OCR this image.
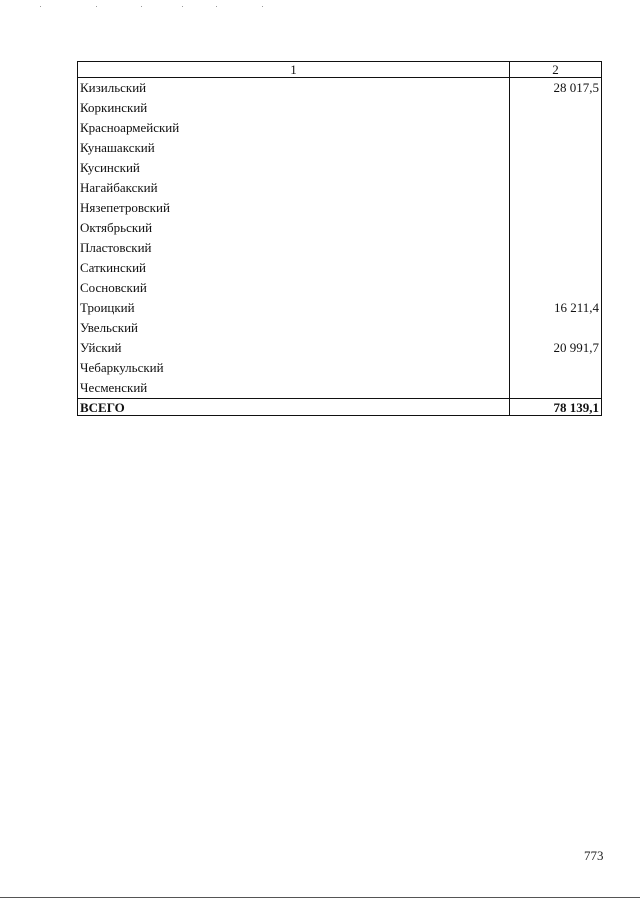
1	2
Кизильский	28 017,5
Коркинский	
Красноармейский	
Кунашакский	
Кусинский	
Нагайбакский	
Нязепетровский	
Октябрьский	
Пластовский	
Саткинский	
Сосновский	
Троицкий	16 211,4
Увельский	
Уйский	20 991,7
Чебаркульский	
Чесменский	
ВСЕГО	78 139,1
773
